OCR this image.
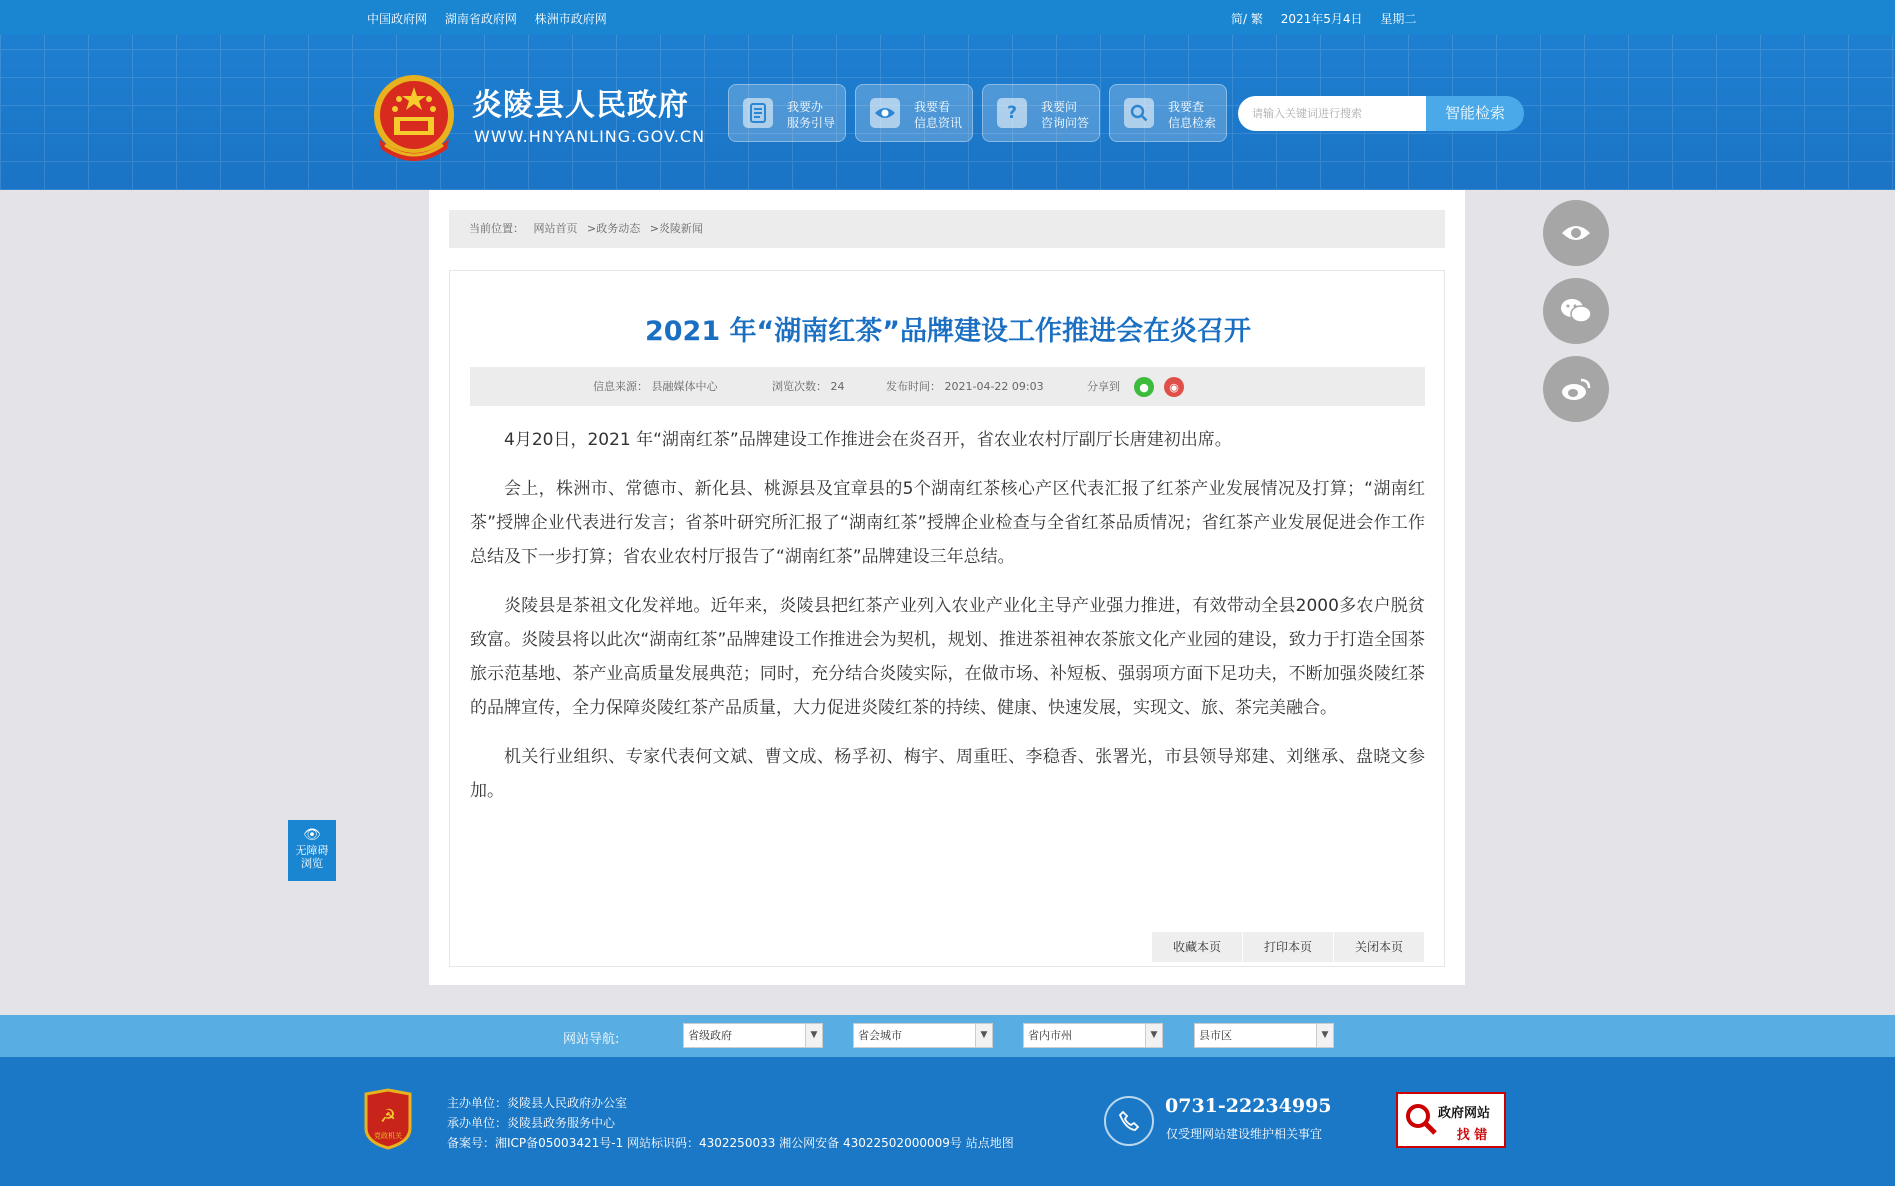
中国政府网 湖南省政府网 株洲市政府网	简/ 繁 2021年5月4日 星期二
炎陵县人民政府
WWW.HNYANLING.GOV.CN
我要办
服务引导
我要看
信息资讯	?	我要问
咨询问答
我要查
信息检索
请输入关键词进行搜索	智能检索
当前位置： 网站首页 >政务动态 >炎陵新闻
2021 年“湖南红茶”品牌建设工作推进会在炎召开
信息来源： 县融媒体中心	浏览次数： 24	发布时间： 2021-04-22 09:03	分享到	●	◉

4月20日，2021 年“湖南红茶”品牌建设工作推进会在炎召开，省农业农村厅副厅长唐建初出席。

会上，株洲市、常德市、新化县、桃源县及宜章县的5个湖南红茶核心产区代表汇报了红茶产业发展情况及打算；“湖南红茶”授牌企业代表进行发言；省茶叶研究所汇报了“湖南红茶”授牌企业检查与全省红茶品质情况；省红茶产业发展促进会作工作总结及下一步打算；省农业农村厅报告了“湖南红茶”品牌建设三年总结。

炎陵县是茶祖文化发祥地。近年来，炎陵县把红茶产业列入农业产业化主导产业强力推进，有效带动全县2000多农户脱贫致富。炎陵县将以此次“湖南红茶”品牌建设工作推进会为契机，规划、推进茶祖神农茶旅文化产业园的建设，致力于打造全国茶旅示范基地、茶产业高质量发展典范；同时，充分结合炎陵实际，在做市场、补短板、强弱项方面下足功夫，不断加强炎陵红茶的品牌宣传，全力保障炎陵红茶产品质量，大力促进炎陵红茶的持续、健康、快速发展，实现文、旅、茶完美融合。

机关行业组织、专家代表何文斌、曹文成、杨孚初、梅宇、周重旺、李稳香、张署光，市县领导郑建、刘继承、盘晓文参加。

收藏本页	打印本页	关闭本页
👁
无障碍
浏览
网站导航:	省级政府	▼	省会城市	▼	省内市州	▼	县市区	▼
☭
党政机关
主办单位：炎陵县人民政府办公室
承办单位：炎陵县政务服务中心
备案号：湘ICP备05003421号-1 网站标识码：4302250033 湘公网安备 43022502000009号 站点地图
0731-22234995
仅受理网站建设维护相关事宜
政府网站
找 错
